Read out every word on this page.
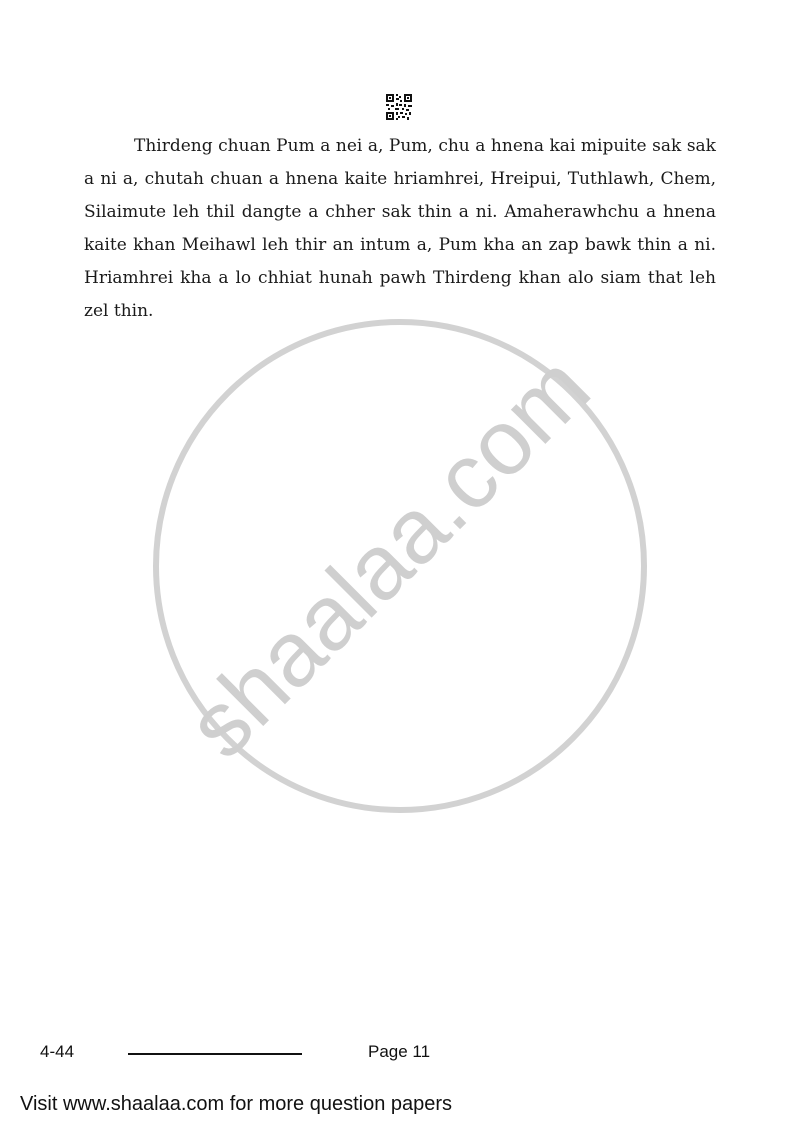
Thirdeng chuan Pum a nei a, Pum, chu a hnena kai mipuite sak sak a ni a, chutah chuan a hnena kaite hriamhrei, Hreipui, Tuthlawh, Chem, Silaimute leh thil dangte a chher sak thin a ni. Amaherawhchu a hnena kaite khan Meihawl leh thir an intum a, Pum kha an zap bawk thin a ni. Hriamhrei kha a lo chhiat hunah pawh Thirdeng khan alo siam that leh zel thin.

shaalaa.com
4-44	Page 11
Visit www.shaalaa.com for more question papers
